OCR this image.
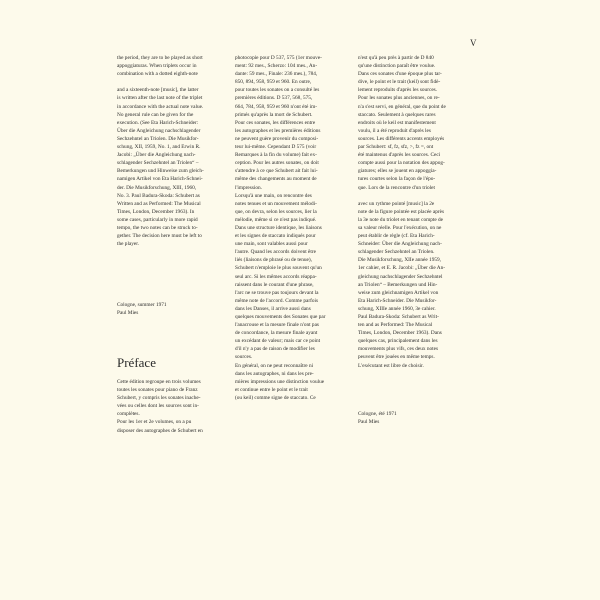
V
the period, they are to be played as short
appoggiaturas. When triplets occur in
combination with a dotted eighth-note
and a sixteenth-note [music], the latter
is written after the last note of the triplet
in accordance with the actual note value.
No general rule can be given for the
execution. (See Eta Harich-Schneider:
Über die Angleichung nachschlagender
Sechzehntel an Triolen. Die Musikfor-
schung, XII, 1959, No. 1, and Erwin R.
Jacobi: „Über die Angleichung nach-
schlagender Sechzehntel an Triolen“ –
Bemerkungen und Hinweise zum gleich-
namigen Artikel von Eta Harich-Schnei-
der. Die Musikforschung, XIII, 1960,
No. 3. Paul Badura-Skoda: Schubert as
Written and as Performed: The Musical
Times, London, December 1963). In
some cases, particularly in more rapid
tempo, the two notes can be struck to-
gether. The decision here must be left to
the player.
Cologne, summer 1971
Paul Mies
Préface
Cette édition regroupe en trois volumes
toutes les sonates pour piano de Franz
Schubert, y compris les sonates inache-
vées ou celles dont les sources sont in-
complètes.
Pour les 1er et 2e volumes, on a pu
disposer des autographes de Schubert en
photocopie pour D 537, 575 (1er mouve-
ment: 92 mes., Scherzo: 104 mes., An-
dante: 59 mes., Finale: 236 mes.), 784,
850, 894, 958, 959 et 960. En outre,
pour toutes les sonates on a consulté les
premières éditions. D 537, 568, 575,
664, 784, 958, 959 et 960 n'ont été im-
primés qu'après la mort de Schubert.
Pour ces sonates, les différences entre
les autographes et les premières éditions
ne peuvent guère provenir du composi-
teur lui-même. Cependant D 575 (voir
Remarques à la fin du volume) fait ex-
ception. Pour les autres sonates, on doit
s'attendre à ce que Schubert ait fait lui-
même des changements au moment de
l'impression.
Lorsqu'à une main, on rencontre des
notes tenues et un mouvement mélodi-
que, on devra, selon les sources, lier la
mélodie, même si ce n'est pas indiqué.
Dans une structure identique, les liaisons
et les signes de staccato indiqués pour
une main, sont valables aussi pour
l'autre. Quand les accords doivent être
liés (liaisons de phrasé ou de tenue),
Schubert n'emploie le plus souvent qu'un
seul arc. Si les mêmes accords réappa-
raissent dans le courant d'une phrase,
l'arc ne se trouve pas toujours devant la
même note de l'accord. Comme parfois
dans les Danses, il arrive aussi dans
quelques mouvements des Sonates que par
l'anacrouse et la mesure finale n'ont pas
de concordance, la mesure finale ayant
un excédant de valeur; mais car ce point
d'il n'y a pas de raison de modifier les
sources.
En général, on ne peut reconnaître ni
dans les autographes, ni dans les pre-
mières impressions une distinction voulue
et continue entre le point et le trait
(ou keil) comme signe de staccato. Ce
n'est qu'à peu près à partir de D 840
qu'une distinction paraît être voulue.
Dans ces sonates d'une époque plus tar-
dive, le point et le trait (keil) sont fidè-
lement reproduits d'après les sources.
Pour les sonates plus anciennes, on re-
n'a s'est servi, en général, que du point de
staccato. Seulement à quelques rares
endroits où le keil est manifestement
voulu, il a été reproduit d'après les
sources. Les différents accents employés
par Schubert: sf, fz, sfz, >, fz =, ont
été maintenus d'après les sources. Ceci
compte aussi pour la notation des appog-
giatures; elles se jouent en appoggia-
tures courtes selon la façon de l'épo-
que. Lors de la rencontre d'un triolet
avec un rythme pointé [music] la 2e
note de la figure pointée est placée après
la 3e note du triolet en tenant compte de
sa valeur réelle. Pour l'exécution, on ne
peut établir de règle (cf. Eta Harich-
Schneider: Über die Angleichung nach-
schlagender Sechzehntel an Triolen.
Die Musikforschung, XIIe année 1959,
1er cahier, et E. R. Jacobi: „Über die An-
gleichung nachschlagender Sechzehntel
an Triolen“ – Bemerkungen und Hin-
weise zum gleichnamigen Artikel von
Eta Harich-Schneider. Die Musikfor-
schung, XIIIe année 1960, 3e cahier.
Paul Badura-Skoda: Schubert as Writ-
ten and as Performed: The Musical
Times, London, December 1963). Dans
quelques cas, principalement dans les
mouvements plus vifs, ces deux notes
peuvent être jouées en même temps.
L'exécutant est libre de choisir.
Cologne, été 1971
Paul Mies
